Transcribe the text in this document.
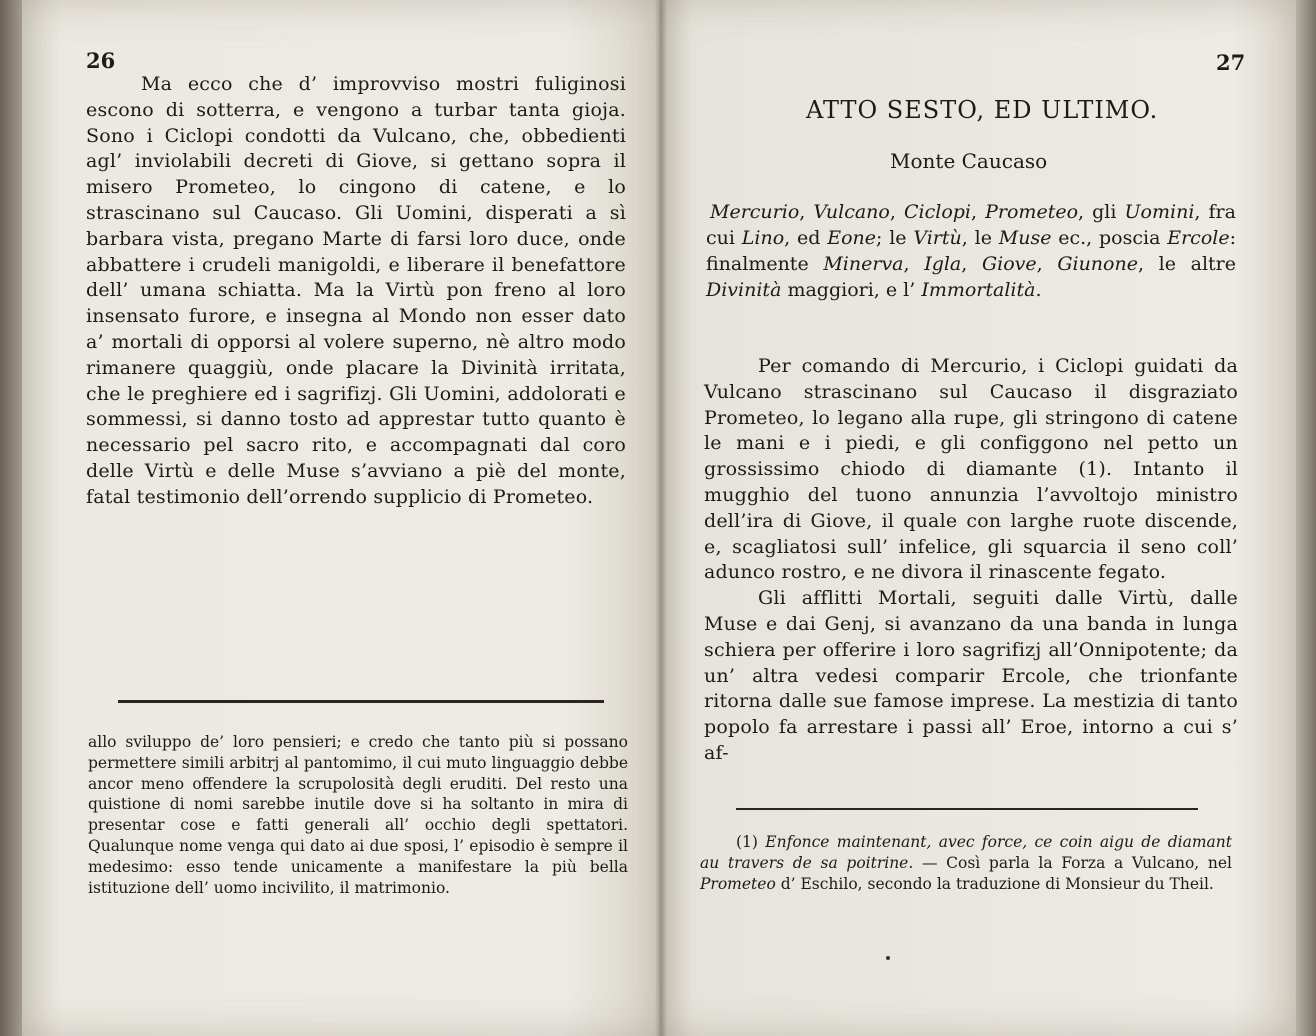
26
Ma ecco che d’ improvviso mostri fuliginosi escono di sotterra, e vengono a turbar tanta gioja. Sono i Ciclopi condotti da Vulcano, che, obbedienti agl’ inviolabili decreti di Giove, si gettano sopra il misero Prometeo, lo cingono di catene, e lo strascinano sul Caucaso. Gli Uomini, disperati a sì barbara vista, pregano Marte di farsi loro duce, onde abbattere i crudeli manigoldi, e liberare il benefattore dell’ umana schiatta. Ma la Virtù pon freno al loro insensato furore, e insegna al Mondo non esser dato a’ mortali di opporsi al volere superno, nè altro modo rimanere quaggiù, onde placare la Divinità irritata, che le preghiere ed i sagrifizj. Gli Uomini, addolorati e sommessi, si danno tosto ad apprestar tutto quanto è necessario pel sacro rito, e accompagnati dal coro delle Virtù e delle Muse s’avviano a piè del monte, fatal testimonio dell’orrendo supplicio di Prometeo.
allo sviluppo de’ loro pensieri; e credo che tanto più si possano permettere simili arbitrj al pantomimo, il cui muto linguaggio debbe ancor meno offendere la scrupolosità degli eruditi. Del resto una quistione di nomi sarebbe inutile dove si ha soltanto in mira di presentar cose e fatti generali all’ occhio degli spettatori. Qualunque nome venga qui dato ai due sposi, l’ episodio è sempre il medesimo: esso tende unicamente a manifestare la più bella istituzione dell’ uomo incivilito, il matrimonio.
27
ATTO SESTO, ED ULTIMO.
Monte Caucaso
Mercurio, Vulcano, Ciclopi, Prometeo, gli Uomini, fra cui Lino, ed Eone; le Virtù, le Muse ec., poscia Ercole: finalmente Minerva, Igla, Giove, Giunone, le altre Divinità maggiori, e l’ Immortalità.

Per comando di Mercurio, i Ciclopi guidati da Vulcano strascinano sul Caucaso il disgraziato Prometeo, lo legano alla rupe, gli stringono di catene le mani e i piedi, e gli configgono nel petto un grossissimo chiodo di diamante (1). Intanto il mugghio del tuono annunzia l’avvoltojo ministro dell’ira di Giove, il quale con larghe ruote discende, e, scagliatosi sull’ infelice, gli squarcia il seno coll’ adunco rostro, e ne divora il rinascente fegato.

Gli afflitti Mortali, seguiti dalle Virtù, dalle Muse e dai Genj, si avanzano da una banda in lunga schiera per offerire i loro sagrifizj all’Onnipotente; da un’ altra vedesi comparir Ercole, che trionfante ritorna dalle sue famose imprese. La mestizia di tanto popolo fa arrestare i passi all’ Eroe, intorno a cui s’ af-

(1) Enfonce maintenant, avec force, ce coin aigu de diamant au travers de sa poitrine. — Così parla la Forza a Vulcano, nel Prometeo d’ Eschilo, secondo la traduzione di Monsieur du Theil.
